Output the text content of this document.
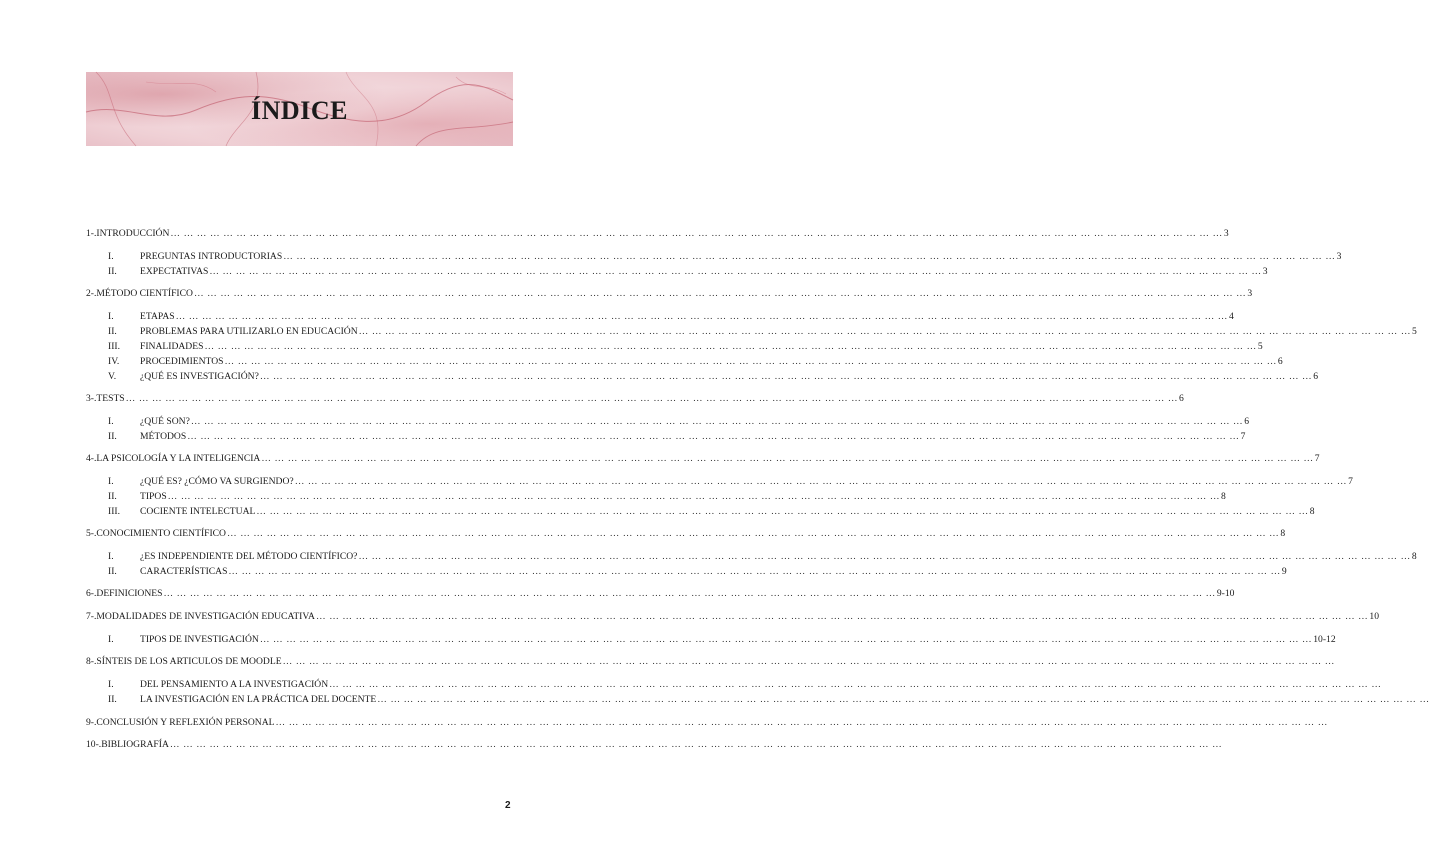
ÍNDICE
1-. INTRODUCCIÓN … … … … … … … … … … … … … … … … … … … … … … … … … … … … … … … … … … … … … … … … … … … … … … … … … … … … … … … … … … … … … … … … … … … … … … … … … … … … … … … … 3
I.	PREGUNTAS INTRODUCTORIAS … … … … … … … … … … … … … … … … … … … … … … … … … … … … … … … … … … … … … … … … … … … … … … … … … … … … … … … … … … … … … … … … … … … … … … … … … … … … … … … … 3
II.	EXPECTATIVAS … … … … … … … … … … … … … … … … … … … … … … … … … … … … … … … … … … … … … … … … … … … … … … … … … … … … … … … … … … … … … … … … … … … … … … … … … … … … … … … … 3
2-. MÉTODO CIENTÍFICO … … … … … … … … … … … … … … … … … … … … … … … … … … … … … … … … … … … … … … … … … … … … … … … … … … … … … … … … … … … … … … … … … … … … … … … … … … … … … … … … 3
I.	ETAPAS … … … … … … … … … … … … … … … … … … … … … … … … … … … … … … … … … … … … … … … … … … … … … … … … … … … … … … … … … … … … … … … … … … … … … … … … … … … … … … … … 4
II.	PROBLEMAS PARA UTILIZARLO EN EDUCACIÓN … … … … … … … … … … … … … … … … … … … … … … … … … … … … … … … … … … … … … … … … … … … … … … … … … … … … … … … … … … … … … … … … … … … … … … … … … … … … … … … … 5
III.	FINALIDADES … … … … … … … … … … … … … … … … … … … … … … … … … … … … … … … … … … … … … … … … … … … … … … … … … … … … … … … … … … … … … … … … … … … … … … … … … … … … … … … … 5
IV.	PROCEDIMIENTOS … … … … … … … … … … … … … … … … … … … … … … … … … … … … … … … … … … … … … … … … … … … … … … … … … … … … … … … … … … … … … … … … … … … … … … … … … … … … … … … … 6
V.	¿QUÉ ES INVESTIGACIÓN? … … … … … … … … … … … … … … … … … … … … … … … … … … … … … … … … … … … … … … … … … … … … … … … … … … … … … … … … … … … … … … … … … … … … … … … … … … … … … … … … 6
3-. TESTS … … … … … … … … … … … … … … … … … … … … … … … … … … … … … … … … … … … … … … … … … … … … … … … … … … … … … … … … … … … … … … … … … … … … … … … … … … … … … … … … 6
I.	¿QUÉ SON? … … … … … … … … … … … … … … … … … … … … … … … … … … … … … … … … … … … … … … … … … … … … … … … … … … … … … … … … … … … … … … … … … … … … … … … … … … … … … … … … 6
II.	MÉTODOS … … … … … … … … … … … … … … … … … … … … … … … … … … … … … … … … … … … … … … … … … … … … … … … … … … … … … … … … … … … … … … … … … … … … … … … … … … … … … … … … 7
4-. LA PSICOLOGÍA Y LA INTELIGENCIA … … … … … … … … … … … … … … … … … … … … … … … … … … … … … … … … … … … … … … … … … … … … … … … … … … … … … … … … … … … … … … … … … … … … … … … … … … … … … … … … 7
I.	¿QUÉ ES? ¿CÓMO VA SURGIENDO? … … … … … … … … … … … … … … … … … … … … … … … … … … … … … … … … … … … … … … … … … … … … … … … … … … … … … … … … … … … … … … … … … … … … … … … … … … … … … … … … 7
II.	TIPOS … … … … … … … … … … … … … … … … … … … … … … … … … … … … … … … … … … … … … … … … … … … … … … … … … … … … … … … … … … … … … … … … … … … … … … … … … … … … … … … … 8
III.	COCIENTE INTELECTUAL … … … … … … … … … … … … … … … … … … … … … … … … … … … … … … … … … … … … … … … … … … … … … … … … … … … … … … … … … … … … … … … … … … … … … … … … … … … … … … … … 8
5-. CONOCIMIENTO CIENTÍFICO … … … … … … … … … … … … … … … … … … … … … … … … … … … … … … … … … … … … … … … … … … … … … … … … … … … … … … … … … … … … … … … … … … … … … … … … … … … … … … … … 8
I.	¿ES INDEPENDIENTE DEL MÉTODO CIENTÍFICO? … … … … … … … … … … … … … … … … … … … … … … … … … … … … … … … … … … … … … … … … … … … … … … … … … … … … … … … … … … … … … … … … … … … … … … … … … … … … … … … … 8
II.	CARACTERÍSTICAS … … … … … … … … … … … … … … … … … … … … … … … … … … … … … … … … … … … … … … … … … … … … … … … … … … … … … … … … … … … … … … … … … … … … … … … … … … … … … … … … 9
6-. DEFINICIONES … … … … … … … … … … … … … … … … … … … … … … … … … … … … … … … … … … … … … … … … … … … … … … … … … … … … … … … … … … … … … … … … … … … … … … … … … … … … … … … … 9-10
7-. MODALIDADES DE INVESTIGACIÓN EDUCATIVA … … … … … … … … … … … … … … … … … … … … … … … … … … … … … … … … … … … … … … … … … … … … … … … … … … … … … … … … … … … … … … … … … … … … … … … … … … … … … … … … 10
I.	TIPOS DE INVESTIGACIÓN … … … … … … … … … … … … … … … … … … … … … … … … … … … … … … … … … … … … … … … … … … … … … … … … … … … … … … … … … … … … … … … … … … … … … … … … … … … … … … … … 10-12
8-. SÍNTEIS DE LOS ARTICULOS DE MOODLE … … … … … … … … … … … … … … … … … … … … … … … … … … … … … … … … … … … … … … … … … … … … … … … … … … … … … … … … … … … … … … … … … … … … … … … … … … … … … … … …
I.	DEL PENSAMIENTO A LA INVESTIGACIÓN … … … … … … … … … … … … … … … … … … … … … … … … … … … … … … … … … … … … … … … … … … … … … … … … … … … … … … … … … … … … … … … … … … … … … … … … … … … … … … … …
II.	LA INVESTIGACIÓN EN LA PRÁCTICA DEL DOCENTE … … … … … … … … … … … … … … … … … … … … … … … … … … … … … … … … … … … … … … … … … … … … … … … … … … … … … … … … … … … … … … … … … … … … … … … … … … … … … … … …
9-. CONCLUSIÓN Y REFLEXIÓN PERSONAL … … … … … … … … … … … … … … … … … … … … … … … … … … … … … … … … … … … … … … … … … … … … … … … … … … … … … … … … … … … … … … … … … … … … … … … … … … … … … … … …
10-. BIBLIOGRAFÍA … … … … … … … … … … … … … … … … … … … … … … … … … … … … … … … … … … … … … … … … … … … … … … … … … … … … … … … … … … … … … … … … … … … … … … … … … … … … … … … …
2
